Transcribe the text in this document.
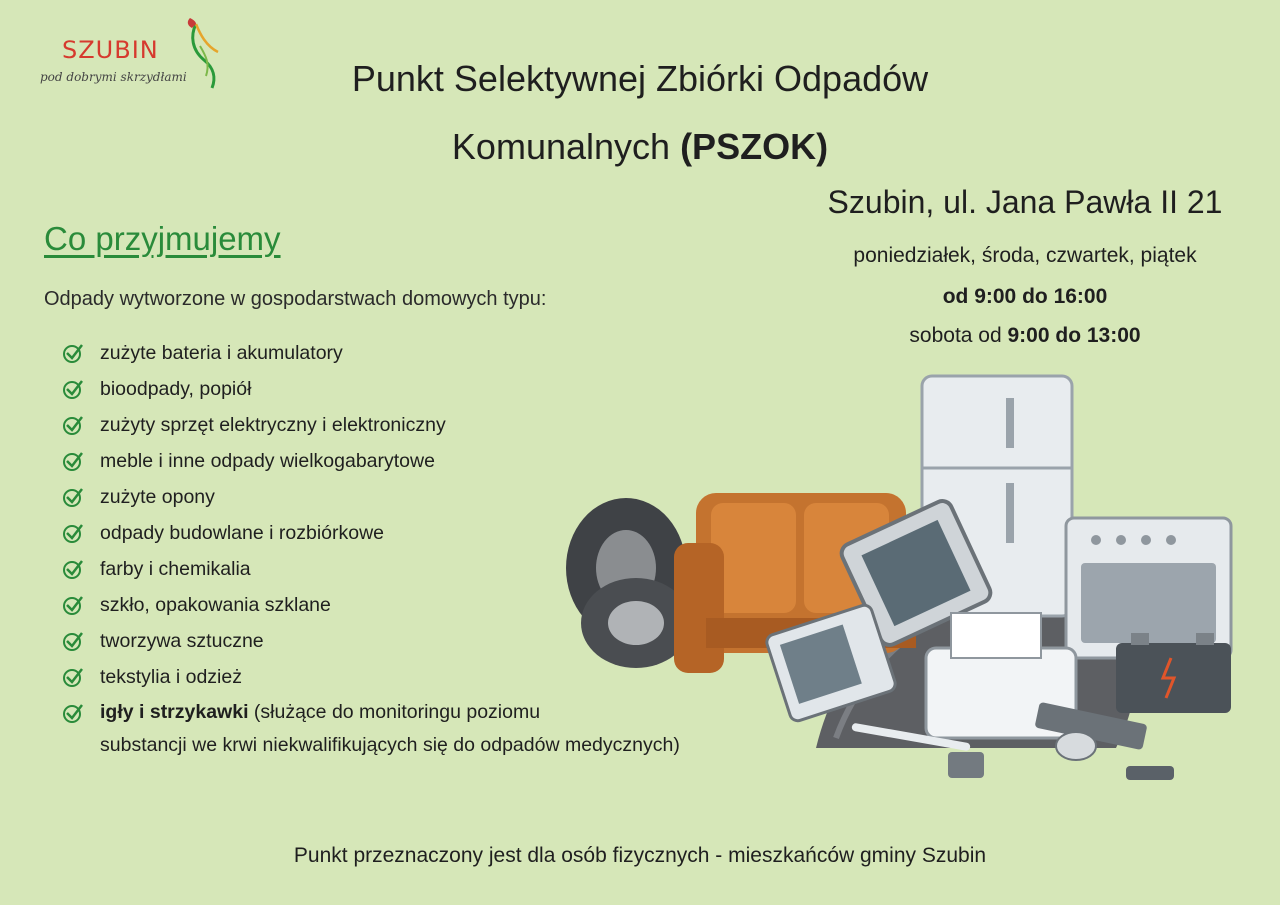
SZUBIN
pod dobrymi skrzydłami	Punkt Selektywnej Zbiórki Odpadów
Komunalnych (PSZOK)
Szubin, ul. Jana Pawła II 21
poniedziałek, środa, czwartek, piątek
od 9:00 do 16:00
sobota od 9:00 do 13:00
Co przyjmujemy
Odpady wytworzone w gospodarstwach domowych typu:
zużyte bateria i akumulatory
bioodpady, popiół
zużyty sprzęt elektryczny i elektroniczny
meble i inne odpady wielkogabarytowe
zużyte opony
odpady budowlane i rozbiórkowe
farby i chemikalia
szkło, opakowania szklane
tworzywa sztuczne
tekstylia i odzież
igły i strzykawki (służące do monitoringu poziomu
substancji we krwi niekwalifikujących się do odpadów medycznych)
Punkt przeznaczony jest dla osób fizycznych - mieszkańców gminy Szubin
